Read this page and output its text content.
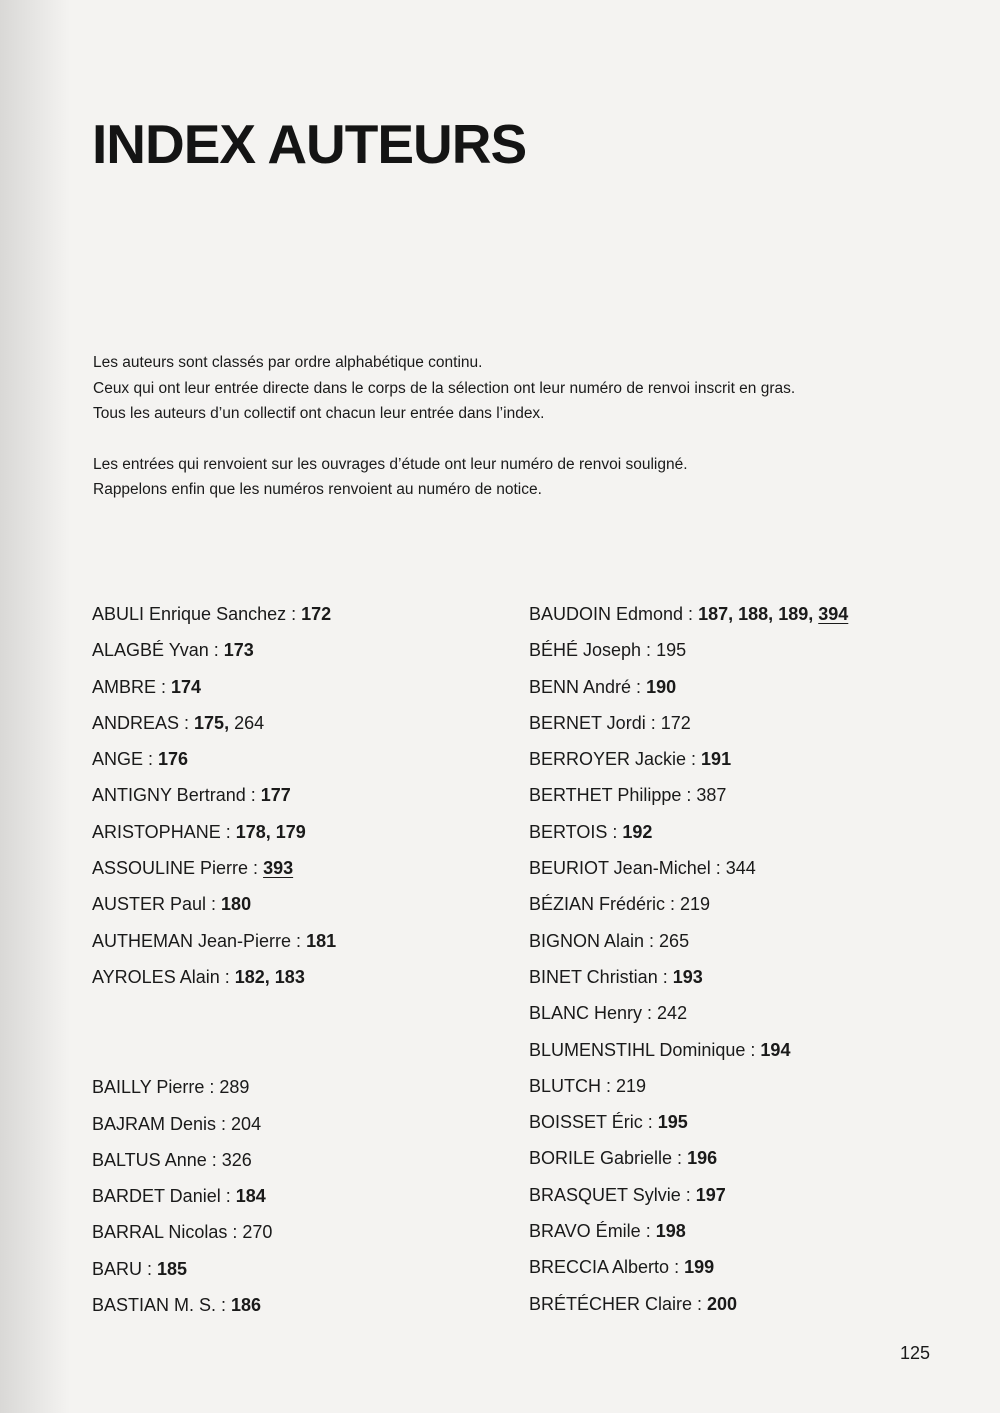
INDEX AUTEURS

Les auteurs sont classés par ordre alphabétique continu.

Ceux qui ont leur entrée directe dans le corps de la sélection ont leur numéro de renvoi inscrit en gras.

Tous les auteurs d’un collectif ont chacun leur entrée dans l’index.

Les entrées qui renvoient sur les ouvrages d’étude ont leur numéro de renvoi souligné.

Rappelons enfin que les numéros renvoient au numéro de notice.

ABULI Enrique Sanchez : 172
ALAGBÉ Yvan : 173
AMBRE : 174
ANDREAS : 175, 264
ANGE : 176
ANTIGNY Bertrand : 177
ARISTOPHANE : 178, 179
ASSOULINE Pierre : 393
AUSTER Paul : 180
AUTHEMAN Jean-Pierre : 181
AYROLES Alain : 182, 183
BAILLY Pierre : 289
BAJRAM Denis : 204
BALTUS Anne : 326
BARDET Daniel : 184
BARRAL Nicolas : 270
BARU : 185
BASTIAN M. S. : 186
BAUDOIN Edmond : 187, 188, 189, 394
BÉHÉ Joseph : 195
BENN André : 190
BERNET Jordi : 172
BERROYER Jackie : 191
BERTHET Philippe : 387
BERTOIS : 192
BEURIOT Jean-Michel : 344
BÉZIAN Frédéric : 219
BIGNON Alain : 265
BINET Christian : 193
BLANC Henry : 242
BLUMENSTIHL Dominique : 194
BLUTCH : 219
BOISSET Éric : 195
BORILE Gabrielle : 196
BRASQUET Sylvie : 197
BRAVO Émile : 198
BRECCIA Alberto : 199
BRÉTÉCHER Claire : 200
125
